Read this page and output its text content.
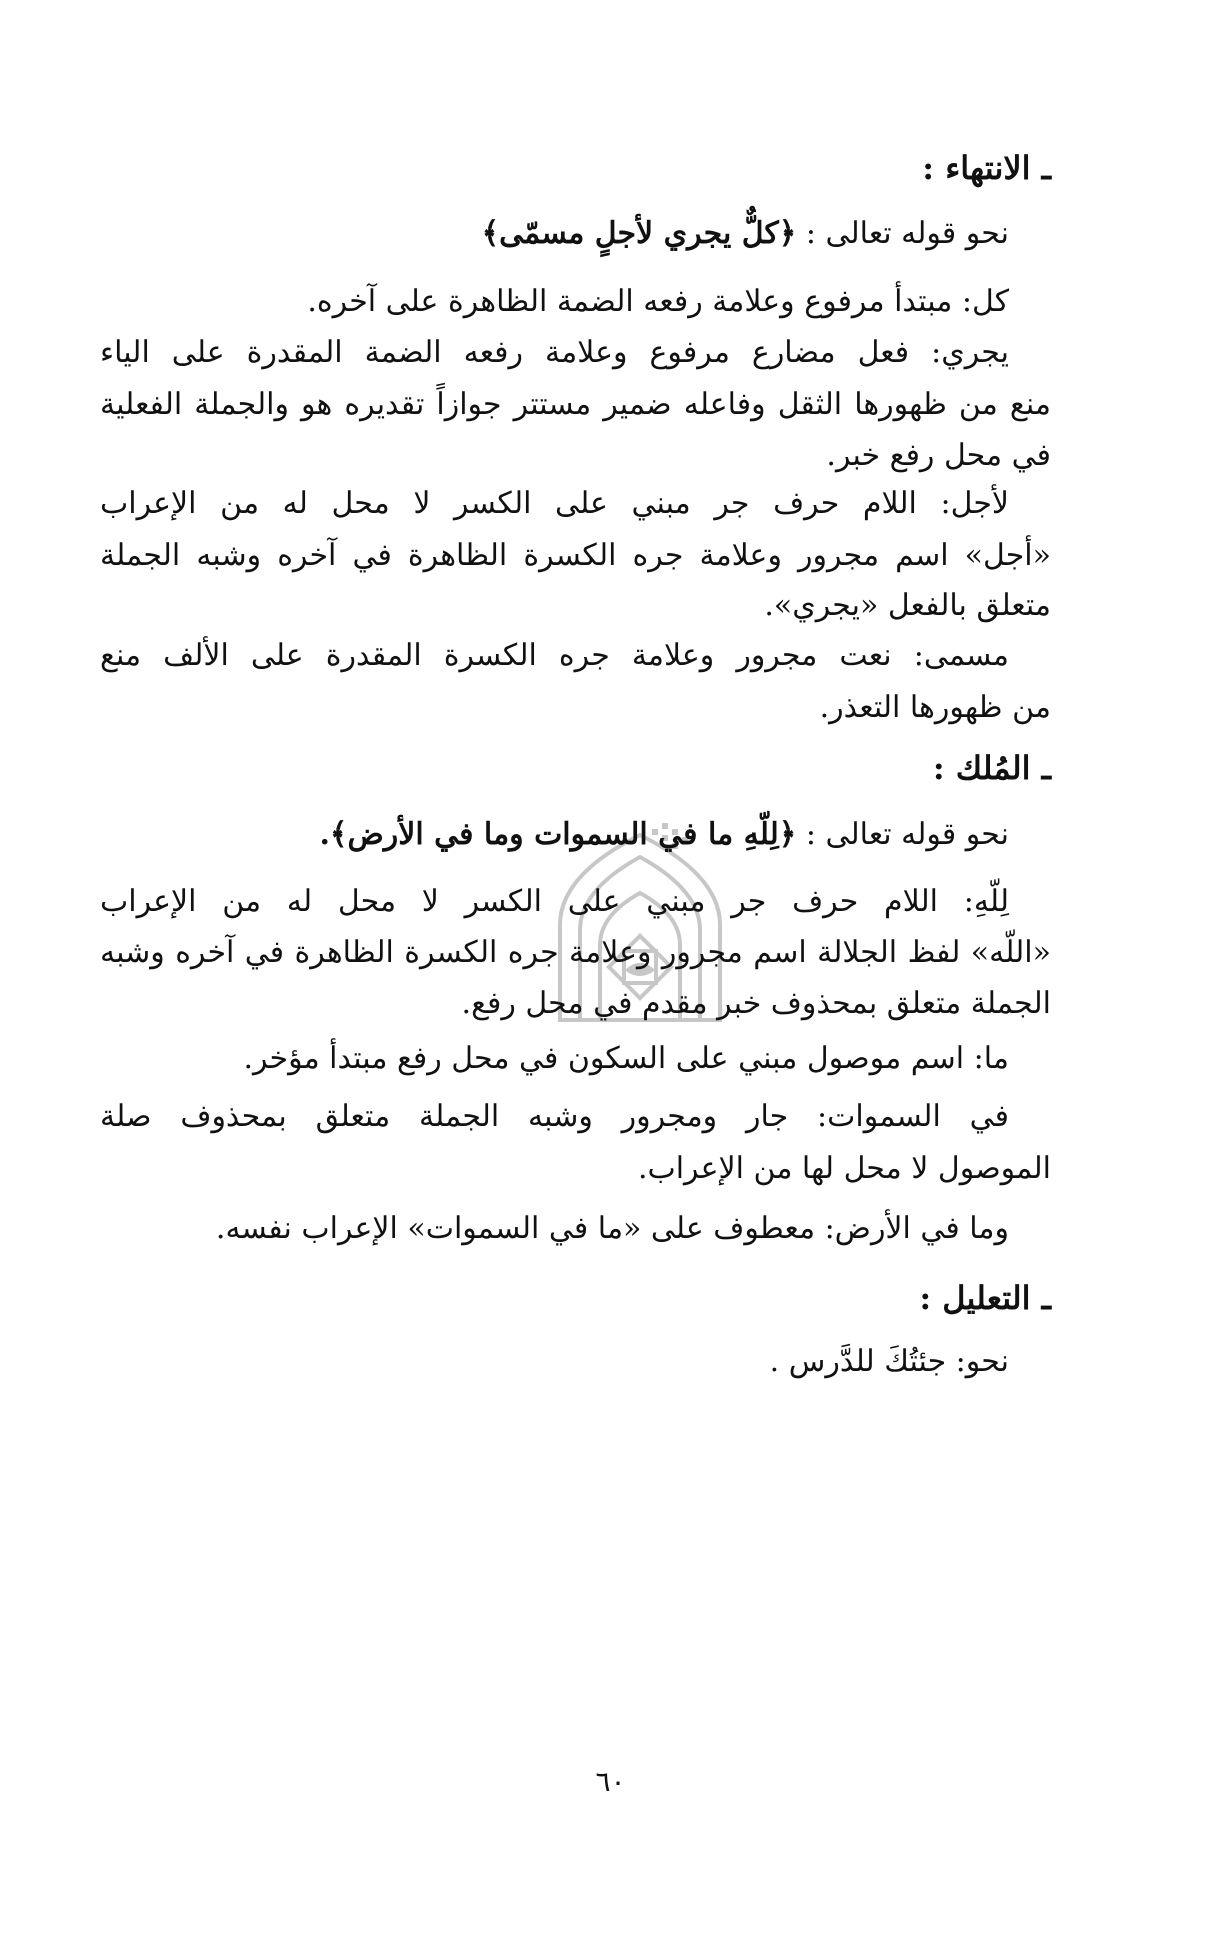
ـ الانتهاء :
نحو قوله تعالى : ﴿كلٌّ يجري لأجلٍ مسمّى﴾
كل: مبتدأ مرفوع وعلامة رفعه الضمة الظاهرة على آخره.
يجري: فعل مضارع مرفوع وعلامة رفعه الضمة المقدرة على الياء
منع من ظهورها الثقل وفاعله ضمير مستتر جوازاً تقديره هو والجملة الفعلية
في محل رفع خبر.
لأجل: اللام حرف جر مبني على الكسر لا محل له من الإعراب
«أجل» اسم مجرور وعلامة جره الكسرة الظاهرة في آخره وشبه الجملة
متعلق بالفعل «يجري».
مسمى: نعت مجرور وعلامة جره الكسرة المقدرة على الألف منع
من ظهورها التعذر.
ـ المُلك :
نحو قوله تعالى : ﴿لِلّهِ ما في السموات وما في الأرض﴾.
لِلّهِ: اللام حرف جر مبني على الكسر لا محل له من الإعراب
«اللّه» لفظ الجلالة اسم مجرور وعلامة جره الكسرة الظاهرة في آخره وشبه
الجملة متعلق بمحذوف خبر مقدم في محل رفع.
ما: اسم موصول مبني على السكون في محل رفع مبتدأ مؤخر.
في السموات: جار ومجرور وشبه الجملة متعلق بمحذوف صلة
الموصول لا محل لها من الإعراب.
وما في الأرض: معطوف على «ما في السموات» الإعراب نفسه.
ـ التعليل :
نحو: جئتُكَ للدَّرس .
٦٠
